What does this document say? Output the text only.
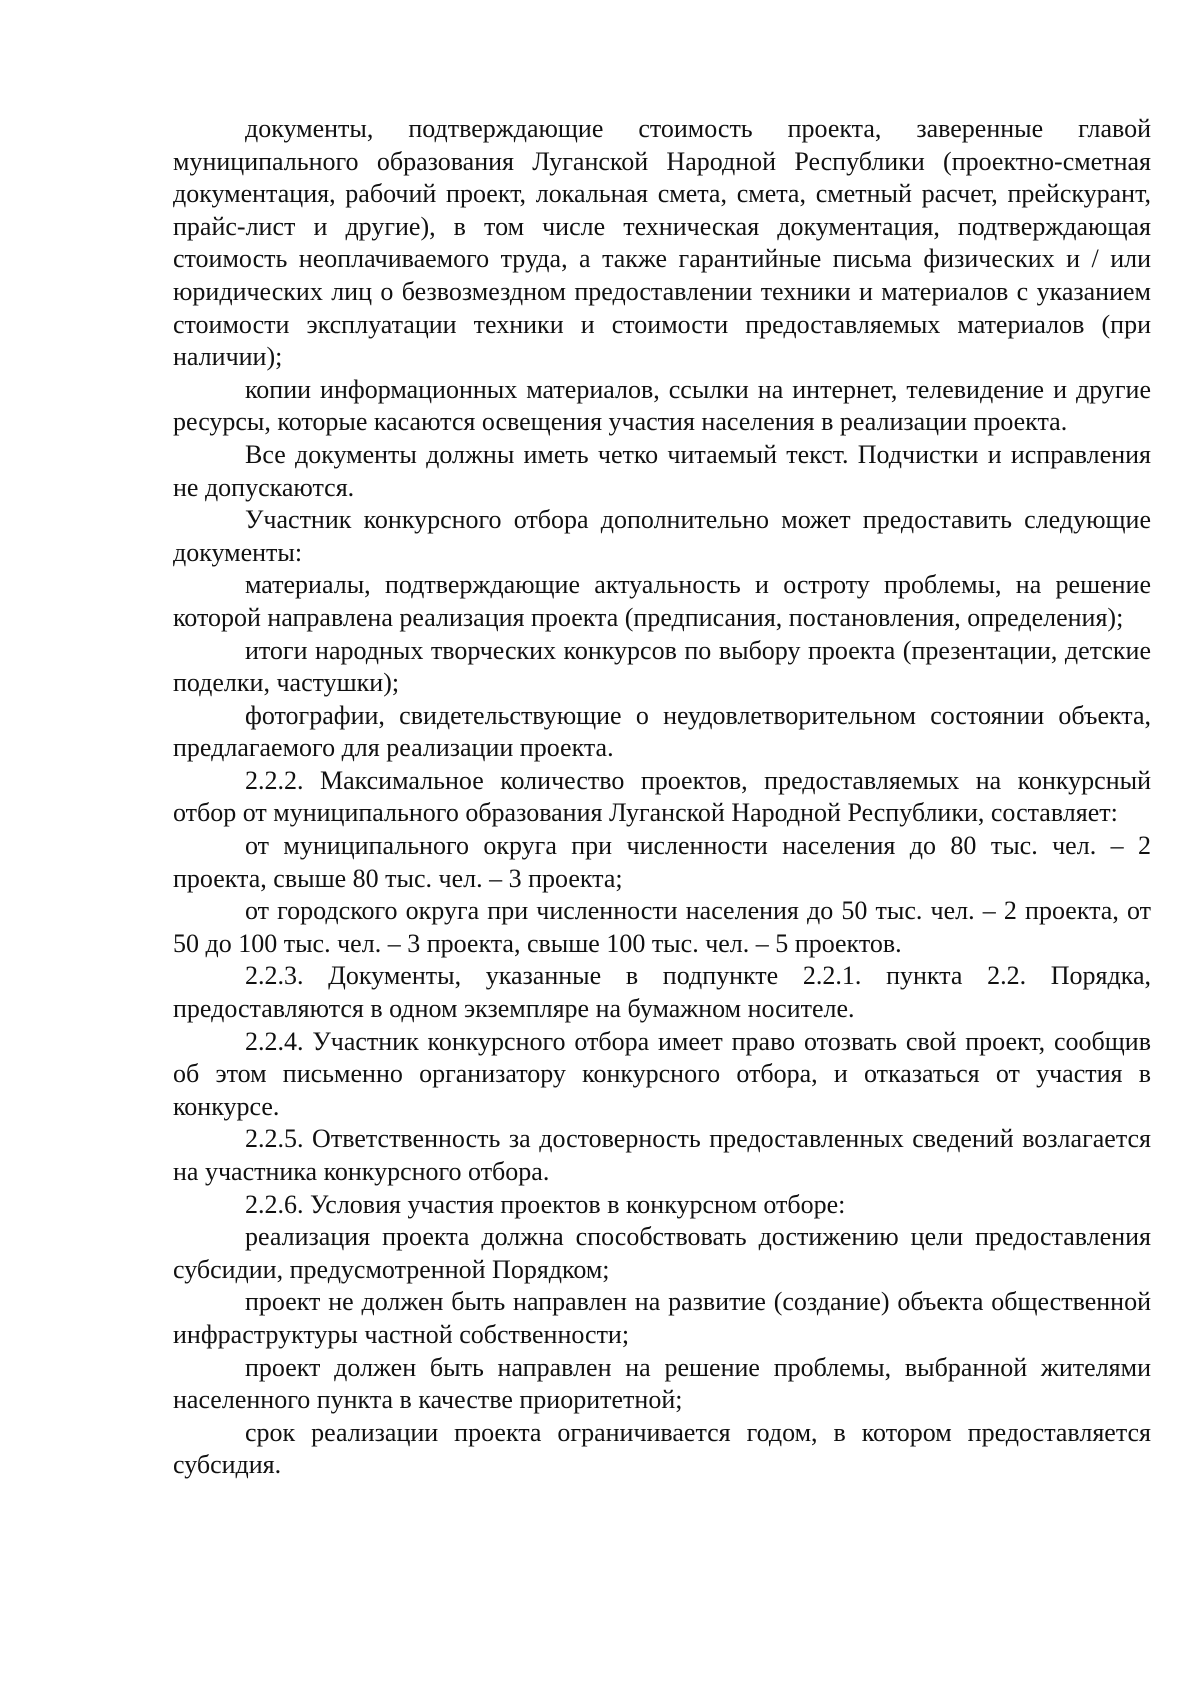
документы, подтверждающие стоимость проекта, заверенные главой муниципального образования Луганской Народной Республики (проектно-сметная документация, рабочий проект, локальная смета, смета, сметный расчет, прейскурант, прайс-лист и другие), в том числе техническая документация, подтверждающая стоимость неоплачиваемого труда, а также гарантийные письма физических и / или юридических лиц о безвозмездном предоставлении техники и материалов с указанием стоимости эксплуатации техники и стоимости предоставляемых материалов (при наличии);

копии информационных материалов, ссылки на интернет, телевидение и другие ресурсы, которые касаются освещения участия населения в реализации проекта.

Все документы должны иметь четко читаемый текст. Подчистки и исправления не допускаются.

Участник конкурсного отбора дополнительно может предоставить следующие документы:

материалы, подтверждающие актуальность и остроту проблемы, на решение которой направлена реализация проекта (предписания, постановления, определения);

итоги народных творческих конкурсов по выбору проекта (презентации, детские поделки, частушки);

фотографии, свидетельствующие о неудовлетворительном состоянии объекта, предлагаемого для реализации проекта.

2.2.2. Максимальное количество проектов, предоставляемых на конкурсный отбор от муниципального образования Луганской Народной Республики, составляет:

от муниципального округа при численности населения до 80 тыс. чел. – 2 проекта, свыше 80 тыс. чел. – 3 проекта;

от городского округа при численности населения до 50 тыс. чел. – 2 проекта, от 50 до 100 тыс. чел. – 3 проекта, свыше 100 тыс. чел. – 5 проектов.

2.2.3. Документы, указанные в подпункте 2.2.1. пункта 2.2. Порядка, предоставляются в одном экземпляре на бумажном носителе.

2.2.4. Участник конкурсного отбора имеет право отозвать свой проект, сообщив об этом письменно организатору конкурсного отбора, и отказаться от участия в конкурсе.

2.2.5. Ответственность за достоверность предоставленных сведений возлагается на участника конкурсного отбора.

2.2.6. Условия участия проектов в конкурсном отборе:

реализация проекта должна способствовать достижению цели предоставления субсидии, предусмотренной Порядком;

проект не должен быть направлен на развитие (создание) объекта общественной инфраструктуры частной собственности;

проект должен быть направлен на решение проблемы, выбранной жителями населенного пункта в качестве приоритетной;

срок реализации проекта ограничивается годом, в котором предоставляется субсидия.
